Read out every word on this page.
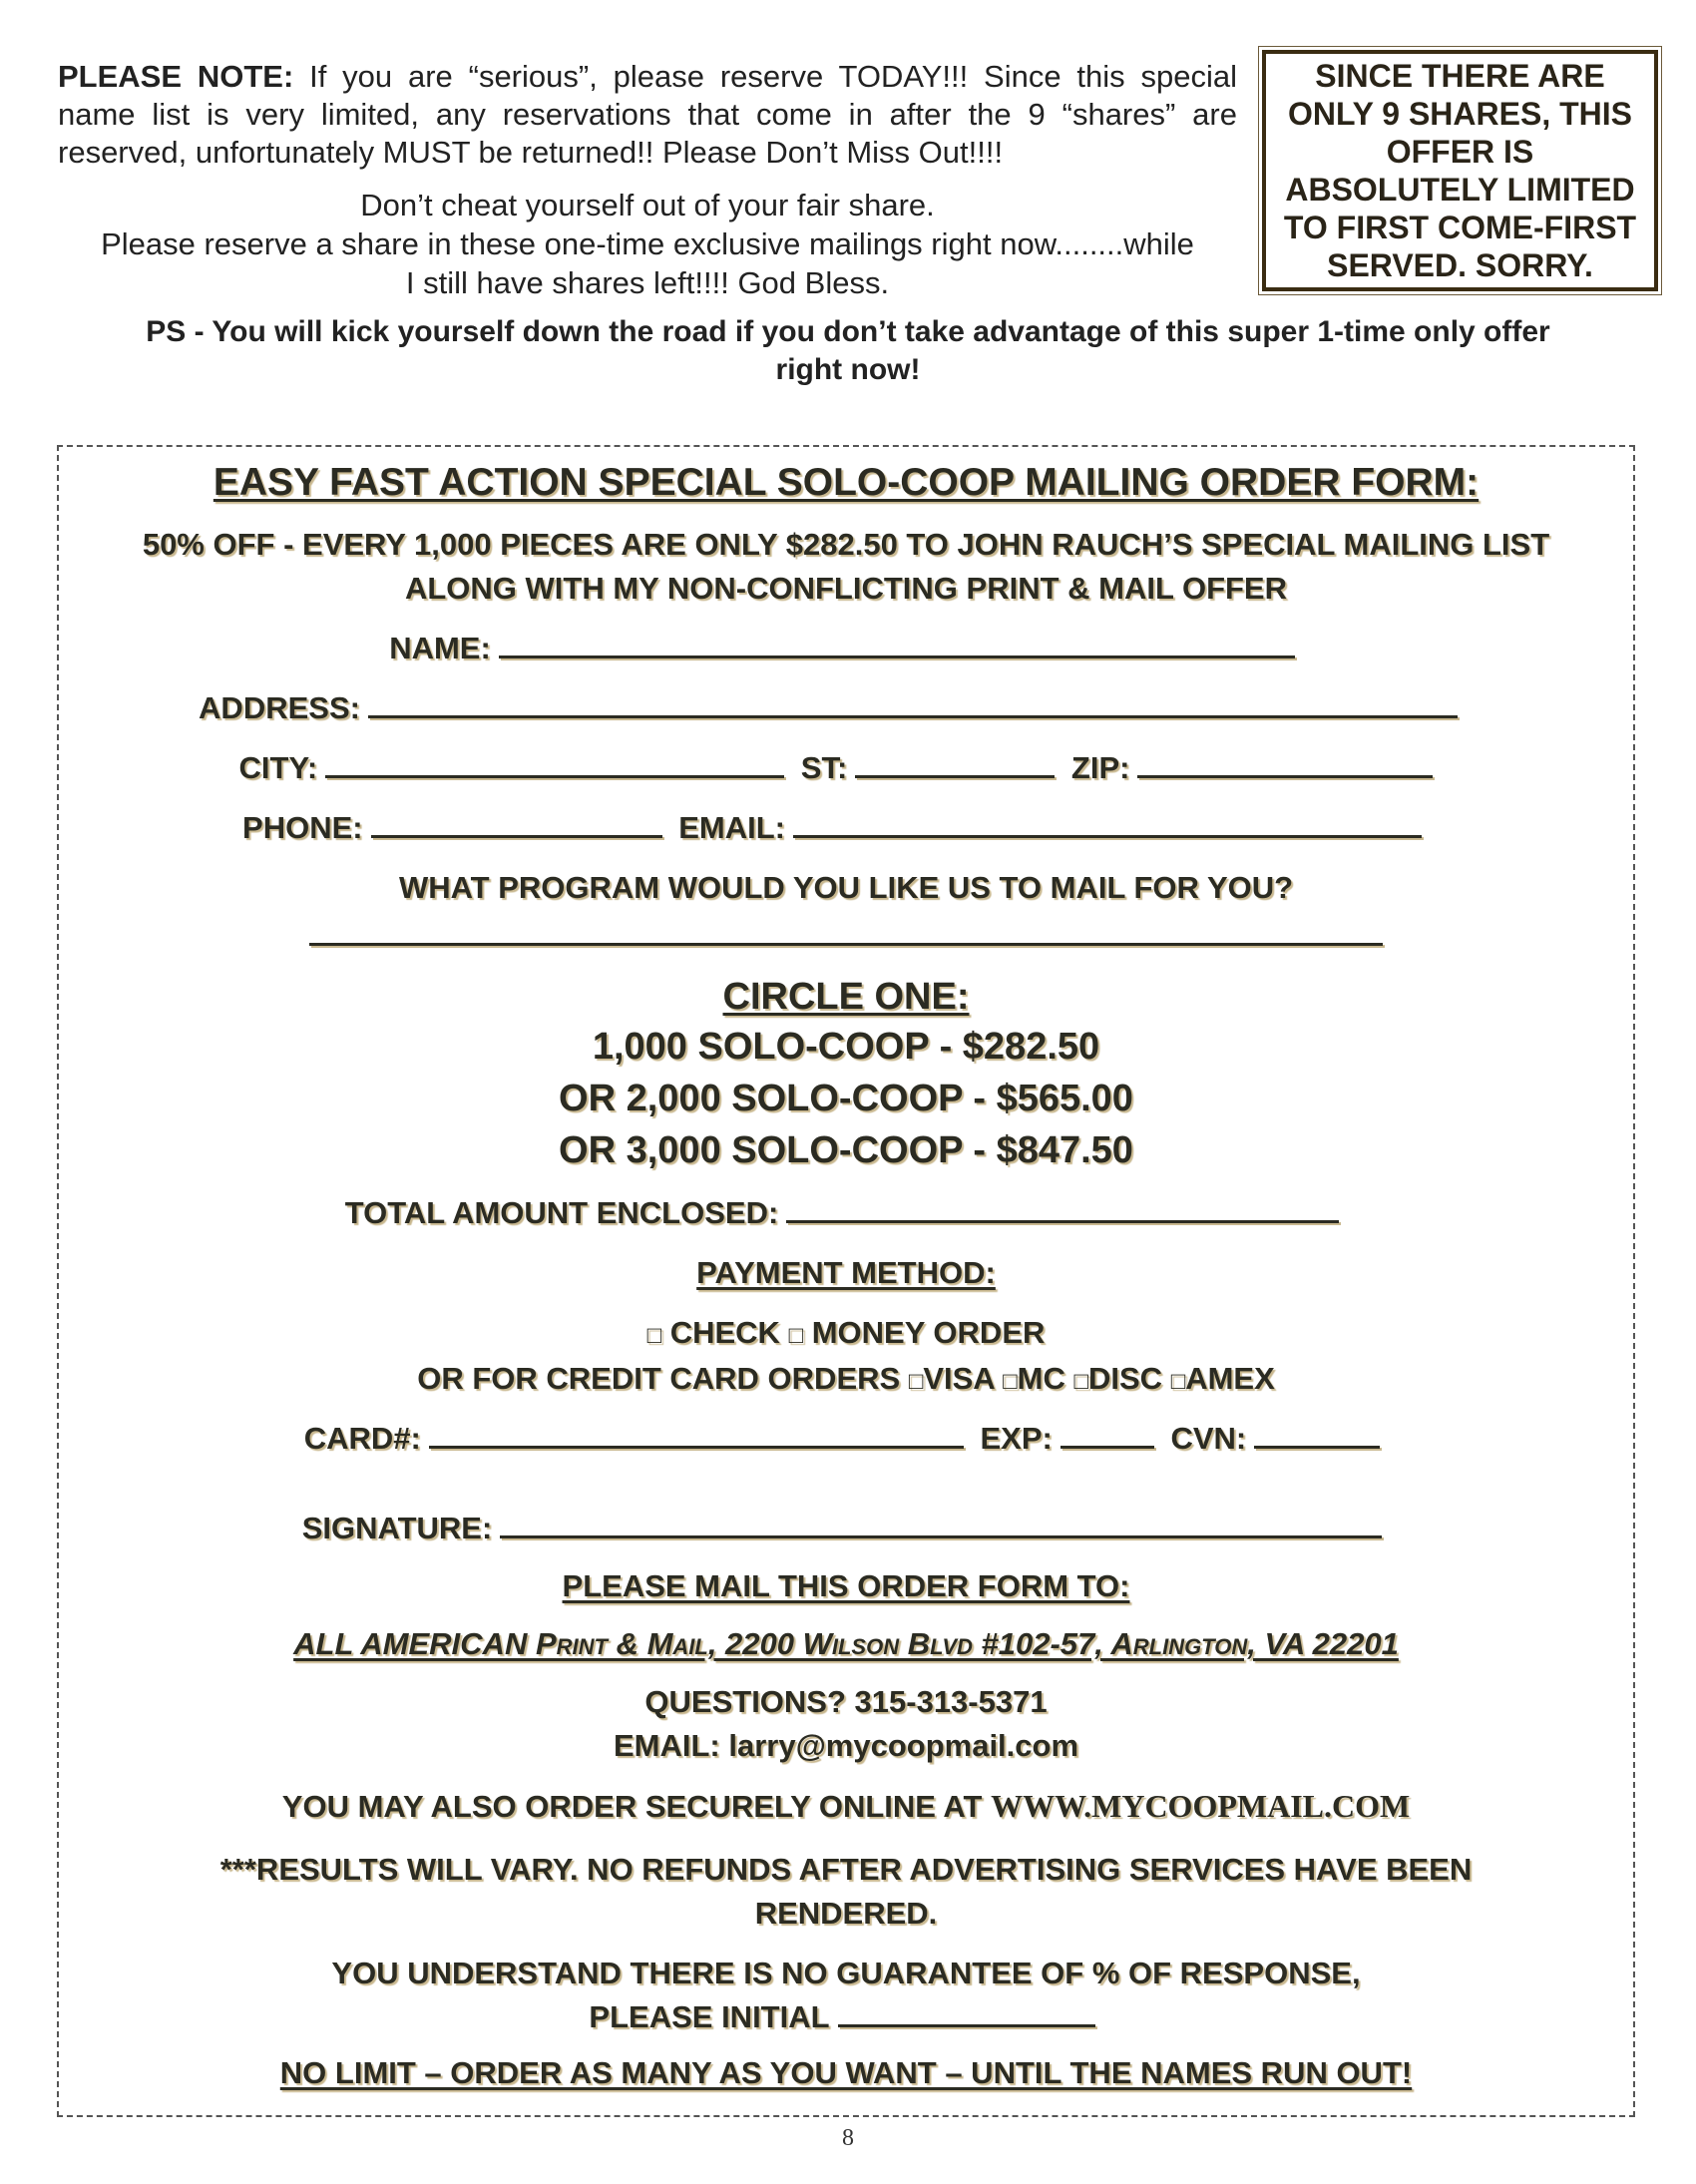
PLEASE NOTE: If you are “serious”, please reserve TODAY!!! Since this special name list is very limited, any reservations that come in after the 9 “shares” are reserved, unfortunately MUST be returned!! Please Don’t Miss Out!!!!

Don’t cheat yourself out of your fair share.
Please reserve a share in these one-time exclusive mailings right now........while
I still have shares left!!!! God Bless.

SINCE THERE ARE
ONLY 9 SHARES, THIS
OFFER IS
ABSOLUTELY LIMITED
TO FIRST COME-FIRST
SERVED. SORRY.
PS - You will kick yourself down the road if you don’t take advantage of this super 1-time only offer
right now!
EASY FAST ACTION SPECIAL SOLO-COOP MAILING ORDER FORM:
50% OFF - EVERY 1,000 PIECES ARE ONLY $282.50 TO JOHN RAUCH’S SPECIAL MAILING LIST
ALONG WITH MY NON-CONFLICTING PRINT & MAIL OFFER
NAME:
ADDRESS:
CITY:	ST:	ZIP:
PHONE:	EMAIL:
WHAT PROGRAM WOULD YOU LIKE US TO MAIL FOR YOU?
CIRCLE ONE:
1,000 SOLO-COOP - $282.50
OR 2,000 SOLO-COOP - $565.00
OR 3,000 SOLO-COOP - $847.50
TOTAL AMOUNT ENCLOSED:
PAYMENT METHOD:
□ CHECK □ MONEY ORDER
OR FOR CREDIT CARD ORDERS □VISA □MC □DISC □AMEX
CARD#:	EXP:	CVN:
SIGNATURE:
PLEASE MAIL THIS ORDER FORM TO:
ALL AMERICAN Print & Mail, 2200 Wilson Blvd #102-57, Arlington, VA 22201
QUESTIONS? 315-313-5371
EMAIL: larry@mycoopmail.com
YOU MAY ALSO ORDER SECURELY ONLINE AT WWW.MYCOOPMAIL.COM
***RESULTS WILL VARY. NO REFUNDS AFTER ADVERTISING SERVICES HAVE BEEN
RENDERED.
YOU UNDERSTAND THERE IS NO GUARANTEE OF % OF RESPONSE,
PLEASE INITIAL
NO LIMIT – ORDER AS MANY AS YOU WANT – UNTIL THE NAMES RUN OUT!
8
